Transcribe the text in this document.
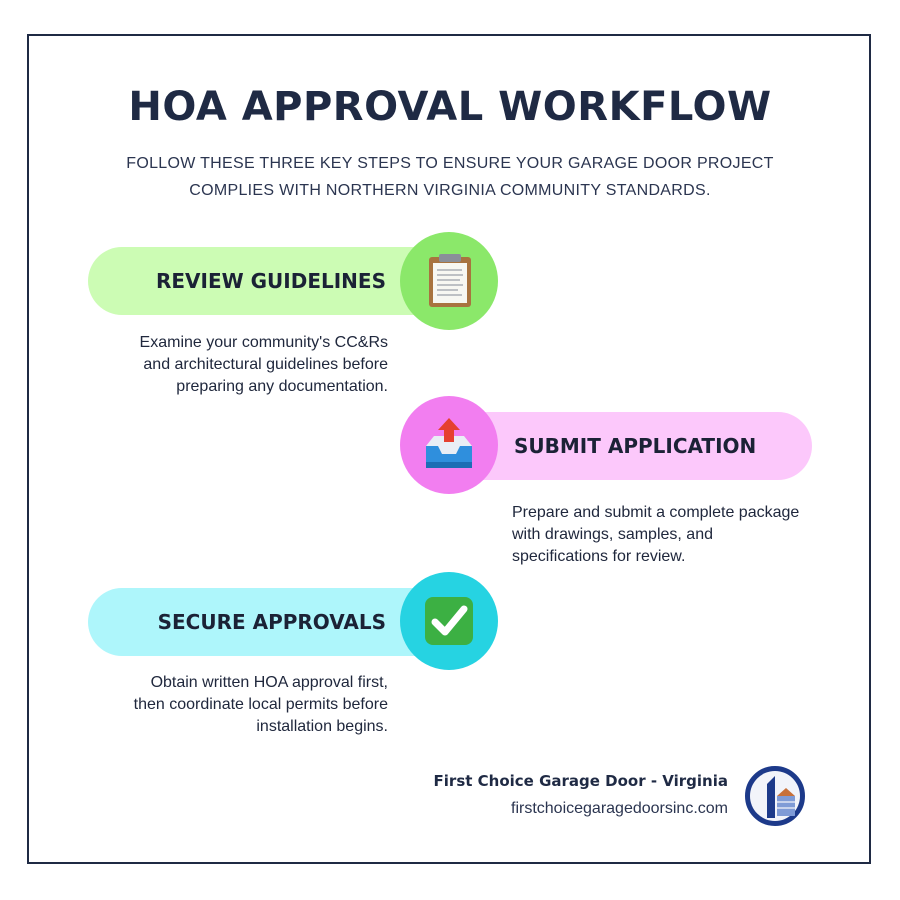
HOA APPROVAL WORKFLOW
FOLLOW THESE THREE KEY STEPS TO ENSURE YOUR GARAGE DOOR PROJECT COMPLIES WITH NORTHERN VIRGINIA COMMUNITY STANDARDS.
REVIEW GUIDELINES
Examine your community's CC&Rs and architectural guidelines before preparing any documentation.
SUBMIT APPLICATION
Prepare and submit a complete package with drawings, samples, and specifications for review.
SECURE APPROVALS
Obtain written HOA approval first, then coordinate local permits before installation begins.
First Choice Garage Door - Virginia
firstchoicegaragedoorsinc.com
